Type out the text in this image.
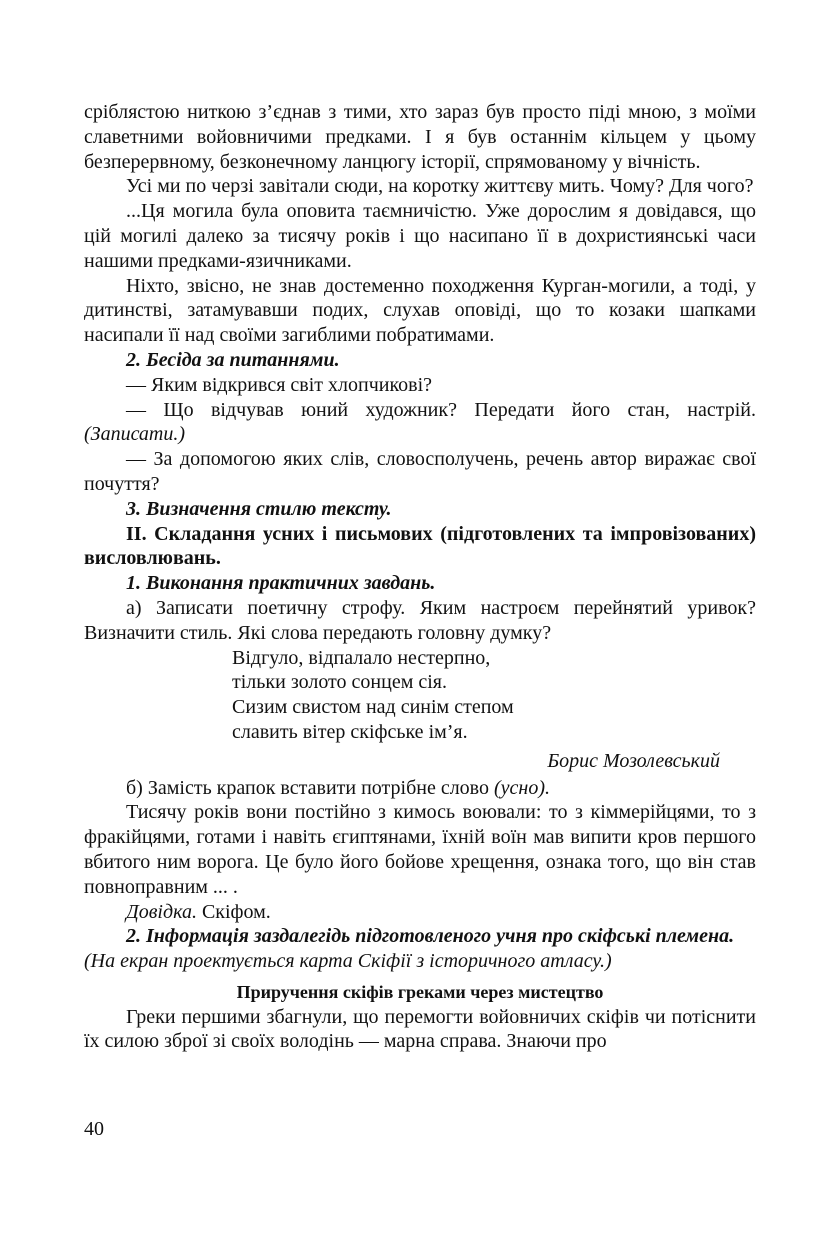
сріблястою ниткою з’єднав з тими, хто зараз був просто піді мною, з моїми славетними войовничими предками. І я був останнім кільцем у цьому безперервному, безконечному ланцюгу історії, спрямованому у вічність.

Усі ми по черзі завітали сюди, на коротку життєву мить. Чому? Для чого?

...Ця могила була оповита таємничістю. Уже дорослим я довідався, що цій могилі далеко за тисячу років і що насипано її в дохристиянські часи нашими предками-язичниками.

Ніхто, звісно, не знав достеменно походження Курган-могили, а тоді, у дитинстві, затамувавши подих, слухав оповіді, що то козаки шапками насипали її над своїми загиблими побратимами.

2. Бесіда за питаннями.

— Яким відкрився світ хлопчикові?

— Що відчував юний художник? Передати його стан, настрій. (Записати.)

— За допомогою яких слів, словосполучень, речень автор виражає свої почуття?

3. Визначення стилю тексту.

ІІ. Складання усних і письмових (підготовлених та імпровізованих) висловлювань.

1. Виконання практичних завдань.

а) Записати поетичну строфу. Яким настроєм перейнятий уривок? Визначити стиль. Які слова передають головну думку?

Відгуло, відпалало нестерпно,
тільки золото сонцем сія.
Сизим свистом над синім степом
славить вітер скіфське ім’я.

Борис Мозолевський

б) Замість крапок вставити потрібне слово (усно).

Тисячу років вони постійно з кимось воювали: то з кіммерійцями, то з фракійцями, готами і навіть єгиптянами, їхній воїн мав випити кров першого вбитого ним ворога. Це було його бойове хрещення, ознака того, що він став повноправним ... .

Довідка. Скіфом.

2. Інформація заздалегідь підготовленого учня про скіфські племена.

(На екран проектується карта Скіфії з історичного атласу.)

Приручення скіфів греками через мистецтво

Греки першими збагнули, що перемогти войовничих скіфів чи потіснити їх силою зброї зі своїх володінь — марна справа. Знаючи про

40
